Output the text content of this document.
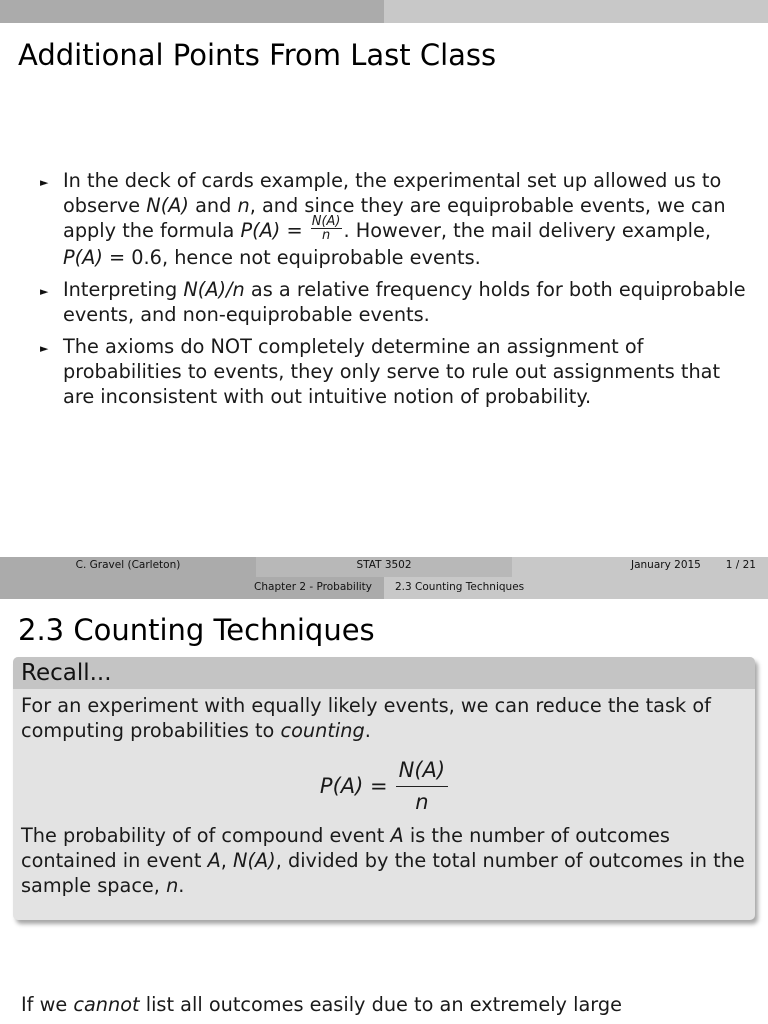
Additional Points From Last Class
► In the deck of cards example, the experimental set up allowed us to observe N(A) and n, and since they are equiprobable events, we can apply the formula $P(A) = \frac{N(A)}{n}$ . However, the mail delivery example, P(A) = 0.6, hence not equiprobable events.
► Interpreting N(A)/n as a relative frequency holds for both equiprobable events, and non-equiprobable events.
► The axioms do NOT completely determine an assignment of probabilities to events, they only serve to rule out assignments that are inconsistent with out intuitive notion of probability.
C. Gravel (Carleton)	STAT 3502	January 2015 1 / 21
Chapter 2 - Probability 2.3 Counting Techniques
2.3 Counting Techniques
Recall...

For an experiment with equally likely events, we can reduce the task of computing probabilities to counting.

$P(A) = \frac{N(A)}{n}$

The probability of of compound event A is the number of outcomes contained in event A, N(A), divided by the total number of outcomes in the sample space, n.

If we cannot list all outcomes easily due to an extremely large
